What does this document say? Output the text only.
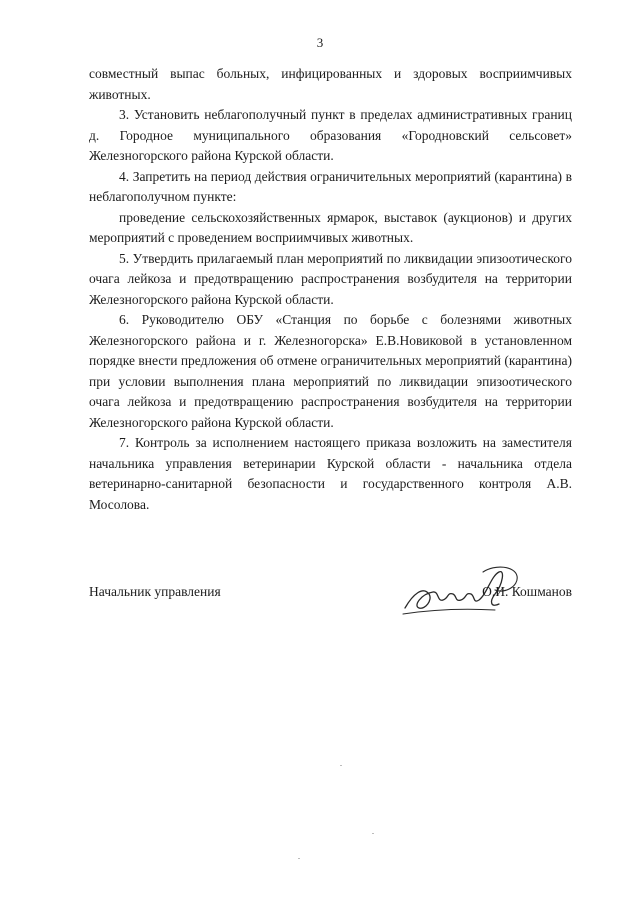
3

совместный выпас больных, инфицированных и здоровых восприимчивых животных.

3. Установить неблагополучный пункт в пределах административных границ д. Городное муниципального образования «Городновский сельсовет» Железногорского района Курской области.

4. Запретить на период действия ограничительных мероприятий (карантина) в неблагополучном пункте:

проведение сельскохозяйственных ярмарок, выставок (аукционов) и других мероприятий с проведением восприимчивых животных.

5. Утвердить прилагаемый план мероприятий по ликвидации эпизоотического очага лейкоза и предотвращению распространения возбудителя на территории Железногорского района Курской области.

6. Руководителю ОБУ «Станция по борьбе с болезнями животных Железногорского района и г. Железногорска» Е.В.Новиковой в установленном порядке внести предложения об отмене ограничительных мероприятий (карантина) при условии выполнения плана мероприятий по ликвидации эпизоотического очага лейкоза и предотвращению распространения возбудителя на территории Железногорского района Курской области.

7. Контроль за исполнением настоящего приказа возложить на заместителя начальника управления ветеринарии Курской области - начальника отдела ветеринарно-санитарной безопасности и государственного контроля А.В. Мосолова.

Начальник управления	О.И. Кошманов
